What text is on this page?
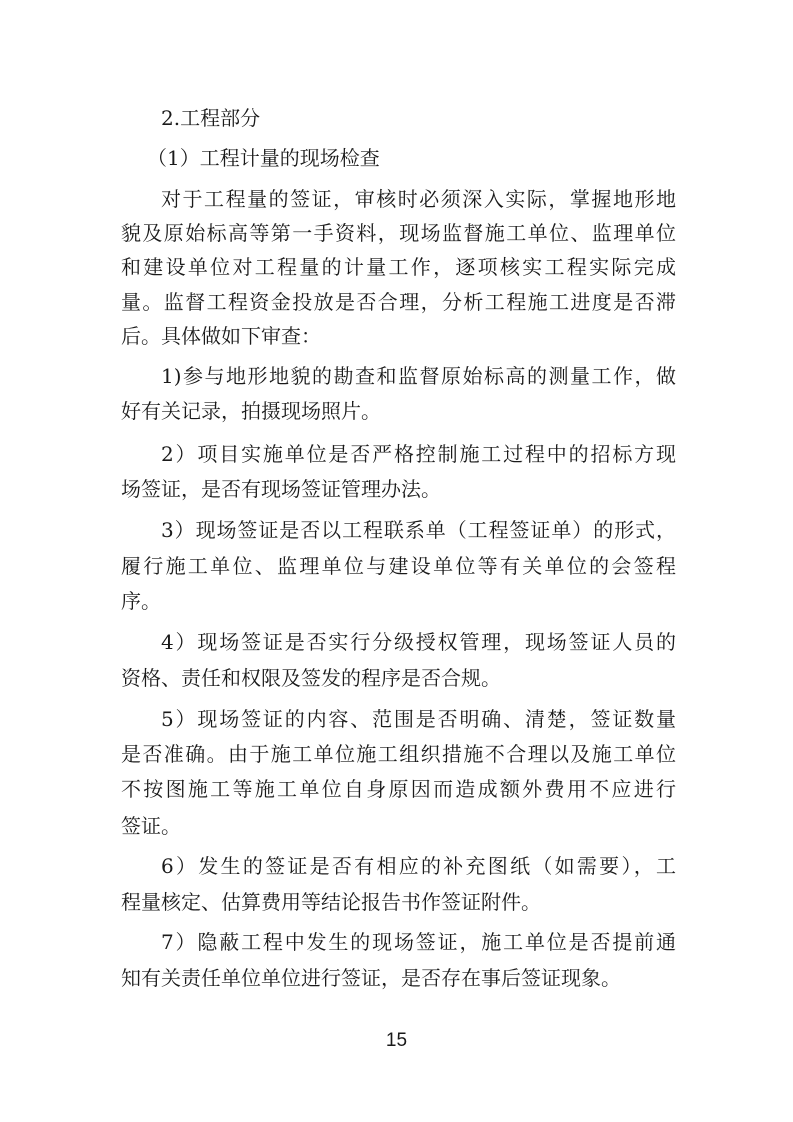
2.工程部分
（1）工程计量的现场检查
对于工程量的签证，审核时必须深入实际，掌握地形地
貌及原始标高等第一手资料，现场监督施工单位、监理单位
和建设单位对工程量的计量工作，逐项核实工程实际完成
量。监督工程资金投放是否合理，分析工程施工进度是否滞
后。具体做如下审查：
1)参与地形地貌的勘查和监督原始标高的测量工作，做
好有关记录，拍摄现场照片。
2）项目实施单位是否严格控制施工过程中的招标方现
场签证，是否有现场签证管理办法。
3）现场签证是否以工程联系单（工程签证单）的形式，
履行施工单位、监理单位与建设单位等有关单位的会签程
序。
4）现场签证是否实行分级授权管理，现场签证人员的
资格、责任和权限及签发的程序是否合规。
5）现场签证的内容、范围是否明确、清楚，签证数量
是否准确。由于施工单位施工组织措施不合理以及施工单位
不按图施工等施工单位自身原因而造成额外费用不应进行
签证。
6）发生的签证是否有相应的补充图纸（如需要），工
程量核定、估算费用等结论报告书作签证附件。
7）隐蔽工程中发生的现场签证，施工单位是否提前通
知有关责任单位单位进行签证，是否存在事后签证现象。
15
